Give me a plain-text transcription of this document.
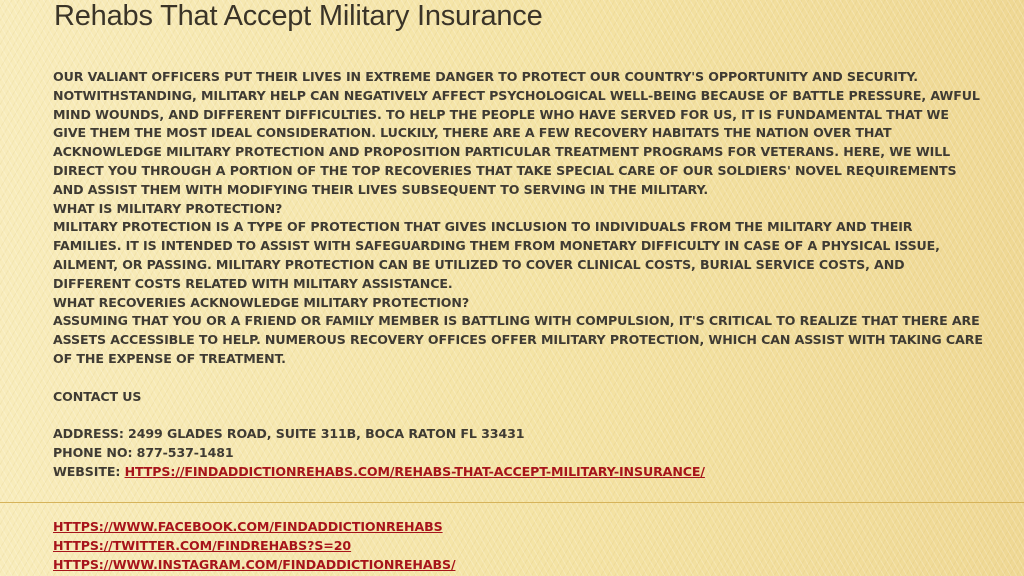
Rehabs That Accept Military Insurance

OUR VALIANT OFFICERS PUT THEIR LIVES IN EXTREME DANGER TO PROTECT OUR COUNTRY'S OPPORTUNITY AND SECURITY. NOTWITHSTANDING, MILITARY HELP CAN NEGATIVELY AFFECT PSYCHOLOGICAL WELL-BEING BECAUSE OF BATTLE PRESSURE, AWFUL MIND WOUNDS, AND DIFFERENT DIFFICULTIES. TO HELP THE PEOPLE WHO HAVE SERVED FOR US, IT IS FUNDAMENTAL THAT WE GIVE THEM THE MOST IDEAL CONSIDERATION. LUCKILY, THERE ARE A FEW RECOVERY HABITATS THE NATION OVER THAT ACKNOWLEDGE MILITARY PROTECTION AND PROPOSITION PARTICULAR TREATMENT PROGRAMS FOR VETERANS. HERE, WE WILL DIRECT YOU THROUGH A PORTION OF THE TOP RECOVERIES THAT TAKE SPECIAL CARE OF OUR SOLDIERS' NOVEL REQUIREMENTS AND ASSIST THEM WITH MODIFYING THEIR LIVES SUBSEQUENT TO SERVING IN THE MILITARY.

WHAT IS MILITARY PROTECTION?

MILITARY PROTECTION IS A TYPE OF PROTECTION THAT GIVES INCLUSION TO INDIVIDUALS FROM THE MILITARY AND THEIR FAMILIES. IT IS INTENDED TO ASSIST WITH SAFEGUARDING THEM FROM MONETARY DIFFICULTY IN CASE OF A PHYSICAL ISSUE, AILMENT, OR PASSING. MILITARY PROTECTION CAN BE UTILIZED TO COVER CLINICAL COSTS, BURIAL SERVICE COSTS, AND DIFFERENT COSTS RELATED WITH MILITARY ASSISTANCE.

WHAT RECOVERIES ACKNOWLEDGE MILITARY PROTECTION?

ASSUMING THAT YOU OR A FRIEND OR FAMILY MEMBER IS BATTLING WITH COMPULSION, IT'S CRITICAL TO REALIZE THAT THERE ARE ASSETS ACCESSIBLE TO HELP. NUMEROUS RECOVERY OFFICES OFFER MILITARY PROTECTION, WHICH CAN ASSIST WITH TAKING CARE OF THE EXPENSE OF TREATMENT.

CONTACT US

ADDRESS: 2499 GLADES ROAD, SUITE 311B, BOCA RATON FL 33431

PHONE NO: 877-537-1481

WEBSITE: HTTPS://FINDADDICTIONREHABS.COM/REHABS-THAT-ACCEPT-MILITARY-INSURANCE/

HTTPS://WWW.FACEBOOK.COM/FINDADDICTIONREHABS

HTTPS://TWITTER.COM/FINDREHABS?S=20

HTTPS://WWW.INSTAGRAM.COM/FINDADDICTIONREHABS/
